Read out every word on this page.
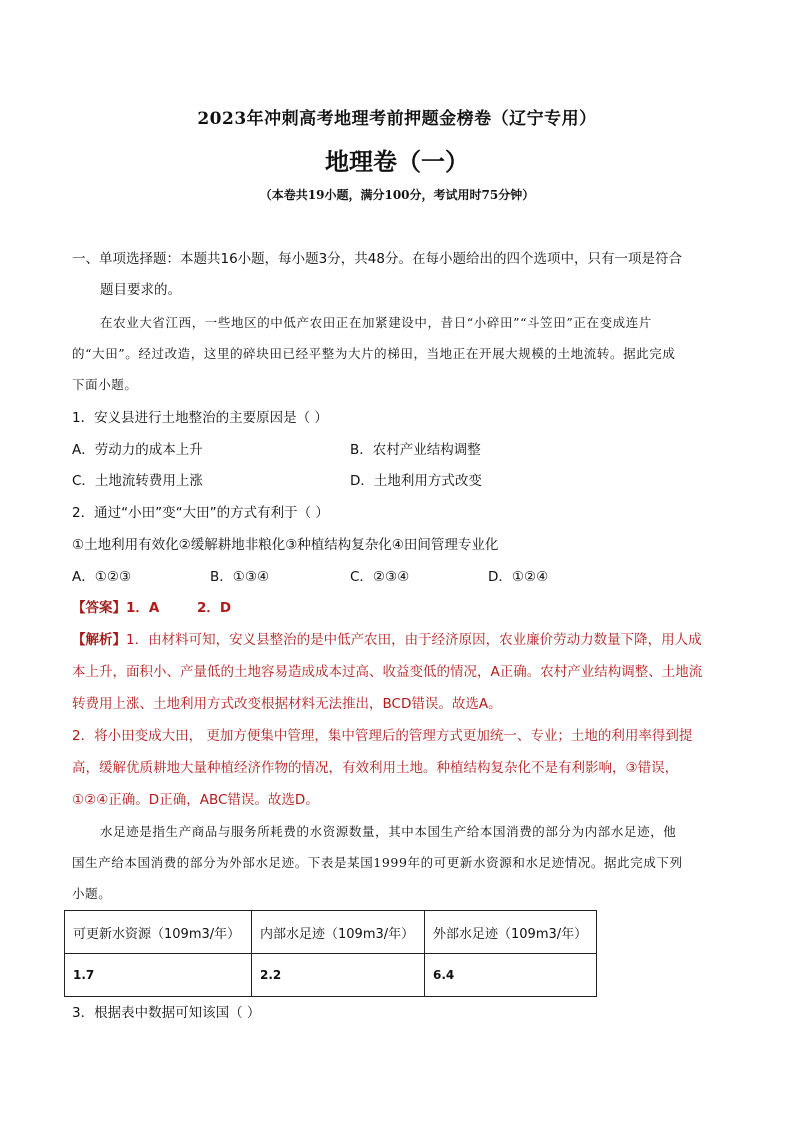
2023年冲刺高考地理考前押题金榜卷（辽宁专用）
地理卷（一）
（本卷共19小题，满分100分，考试用时75分钟）
一、单项选择题：本题共16小题，每小题3分，共48分。在每小题给出的四个选项中，只有一项是符合
题目要求的。
在农业大省江西，一些地区的中低产农田正在加紧建设中，昔日“小碎田”“斗笠田”正在变成连片
的“大田”。经过改造，这里的碎块田已经平整为大片的梯田，当地正在开展大规模的土地流转。据此完成
下面小题。
1．安义县进行土地整治的主要原因是（ ）
A．劳动力的成本上升	B．农村产业结构调整
C．土地流转费用上涨	D．土地利用方式改变
2．通过“小田”变“大田”的方式有利于（ ）
①土地利用有效化②缓解耕地非粮化③种植结构复杂化④田间管理专业化
A．①②③	B．①③④	C．②③④	D．①②④
【答案】1．A        2．D
【解析】1．由材料可知，安义县整治的是中低产农田，由于经济原因，农业廉价劳动力数量下降，用人成
本上升，面积小、产量低的土地容易造成成本过高、收益变低的情况，A正确。农村产业结构调整、土地流
转费用上涨、土地利用方式改变根据材料无法推出，BCD错误。故选A。
2．将小田变成大田， 更加方便集中管理，集中管理后的管理方式更加统一、专业；土地的利用率得到提
高，缓解优质耕地大量种植经济作物的情况，有效利用土地。种植结构复杂化不是有利影响，③错误，
①②④正确。D正确，ABC错误。故选D。
水足迹是指生产商品与服务所耗费的水资源数量，其中本国生产给本国消费的部分为内部水足迹，他
国生产给本国消费的部分为外部水足迹。下表是某国1999年的可更新水资源和水足迹情况。据此完成下列
小题。
可更新水资源（109m3/年）	内部水足迹（109m3/年）	外部水足迹（109m3/年）
1.7	2.2	6.4
3．根据表中数据可知该国（ ）
